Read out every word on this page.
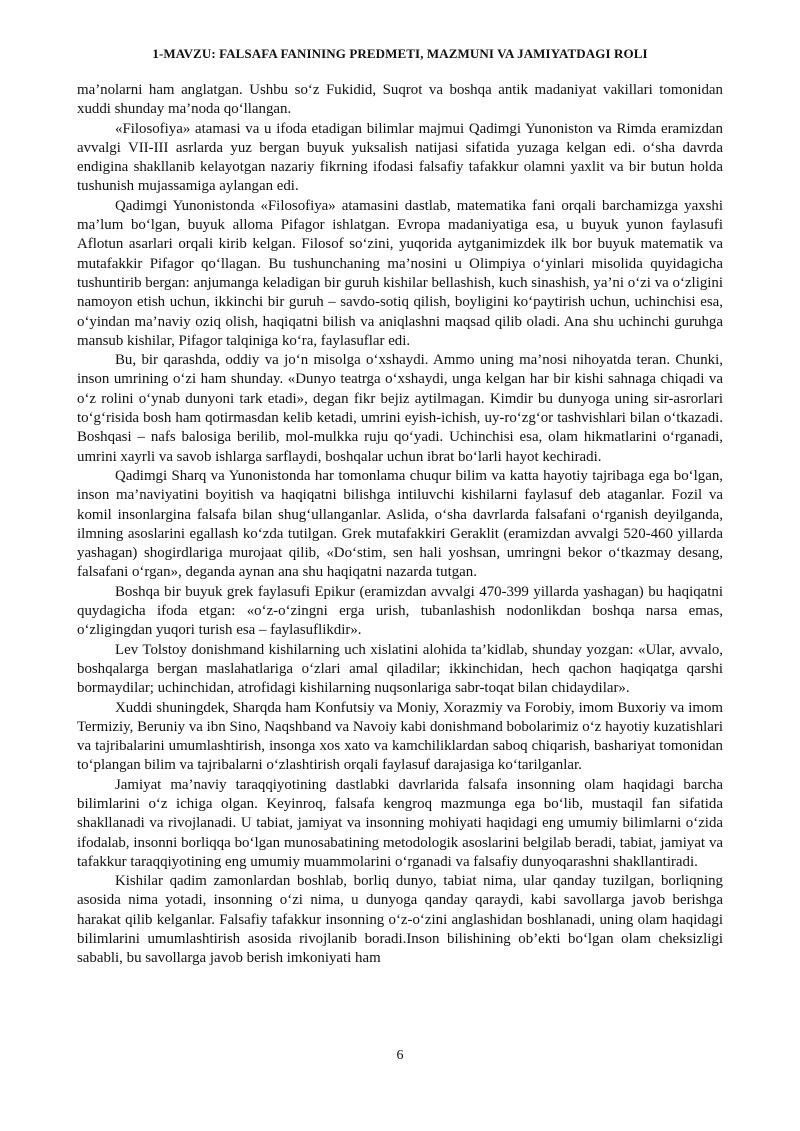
1-MAVZU: FALSAFA FANINING PREDMETI, MAZMUNI VA JAMIYATDAGI ROLI

ma’nolarni ham anglatgan. Ushbu so‘z Fukidid, Suqrot va boshqa antik madaniyat vakillari tomonidan xuddi shunday ma’noda qo‘llangan.

«Filosofiya» atamasi va u ifoda etadigan bilimlar majmui Qadimgi Yunoniston va Rimda eramizdan avvalgi VII-III asrlarda yuz bergan buyuk yuksalish natijasi sifatida yuzaga kelgan edi. o‘sha davrda endigina shakllanib kelayotgan nazariy fikrning ifodasi falsafiy tafakkur olamni yaxlit va bir butun holda tushunish mujassamiga aylangan edi.

Qadimgi Yunonistonda «Filosofiya» atamasini dastlab, matematika fani orqali barchamizga yaxshi ma’lum bo‘lgan, buyuk alloma Pifagor ishlatgan. Evropa madaniyatiga esa, u buyuk yunon faylasufi Aflotun asarlari orqali kirib kelgan. Filosof so‘zini, yuqorida aytganimizdek ilk bor buyuk matematik va mutafakkir Pifagor qo‘llagan. Bu tushunchaning ma’nosini u Olimpiya o‘yinlari misolida quyidagicha tushuntirib bergan: anjumanga keladigan bir guruh kishilar bellashish, kuch sinashish, ya’ni o‘zi va o‘zligini namoyon etish uchun, ikkinchi bir guruh – savdo-sotiq qilish, boyligini ko‘paytirish uchun, uchinchisi esa, o‘yindan ma’naviy oziq olish, haqiqatni bilish va aniqlashni maqsad qilib oladi. Ana shu uchinchi guruhga mansub kishilar, Pifagor talqiniga ko‘ra, faylasuflar edi.

Bu, bir qarashda, oddiy va jo‘n misolga o‘xshaydi. Ammo uning ma’nosi nihoyatda teran. Chunki, inson umrining o‘zi ham shunday. «Dunyo teatrga o‘xshaydi, unga kelgan har bir kishi sahnaga chiqadi va o‘z rolini o‘ynab dunyoni tark etadi», degan fikr bejiz aytilmagan. Kimdir bu dunyoga uning sir-asrorlari to‘g‘risida bosh ham qotirmasdan kelib ketadi, umrini eyish-ichish, uy-ro‘zg‘or tashvishlari bilan o‘tkazadi. Boshqasi – nafs balosiga berilib, mol-mulkka ruju qo‘yadi. Uchinchisi esa, olam hikmatlarini o‘rganadi, umrini xayrli va savob ishlarga sarflaydi, boshqalar uchun ibrat bo‘larli hayot kechiradi.

Qadimgi Sharq va Yunonistonda har tomonlama chuqur bilim va katta hayotiy tajribaga ega bo‘lgan, inson ma’naviyatini boyitish va haqiqatni bilishga intiluvchi kishilarni faylasuf deb ataganlar. Fozil va komil insonlargina falsafa bilan shug‘ullanganlar. Aslida, o‘sha davrlarda falsafani o‘rganish deyilganda, ilmning asoslarini egallash ko‘zda tutilgan. Grek mutafakkiri Geraklit (eramizdan avvalgi 520-460 yillarda yashagan) shogirdlariga murojaat qilib, «Do‘stim, sen hali yoshsan, umringni bekor o‘tkazmay desang, falsafani o‘rgan», deganda aynan ana shu haqiqatni nazarda tutgan.

Boshqa bir buyuk grek faylasufi Epikur (eramizdan avvalgi 470-399 yillarda yashagan) bu haqiqatni quydagicha ifoda etgan: «o‘z-o‘zingni erga urish, tubanlashish nodonlikdan boshqa narsa emas, o‘zligingdan yuqori turish esa – faylasuflikdir».

Lev Tolstoy donishmand kishilarning uch xislatini alohida ta’kidlab, shunday yozgan: «Ular, avvalo, boshqalarga bergan maslahatlariga o‘zlari amal qiladilar; ikkinchidan, hech qachon haqiqatga qarshi bormaydilar; uchinchidan, atrofidagi kishilarning nuqsonlariga sabr-toqat bilan chidaydilar».

Xuddi shuningdek, Sharqda ham Konfutsiy va Moniy, Xorazmiy va Forobiy, imom Buxoriy va imom Termiziy, Beruniy va ibn Sino, Naqshband va Navoiy kabi donishmand bobolarimiz o‘z hayotiy kuzatishlari va tajribalarini umumlashtirish, insonga xos xato va kamchiliklardan saboq chiqarish, bashariyat tomonidan to‘plangan bilim va tajribalarni o‘zlashtirish orqali faylasuf darajasiga ko‘tarilganlar.

Jamiyat ma’naviy taraqqiyotining dastlabki davrlarida falsafa insonning olam haqidagi barcha bilimlarini o‘z ichiga olgan. Keyinroq, falsafa kengroq mazmunga ega bo‘lib, mustaqil fan sifatida shakllanadi va rivojlanadi. U tabiat, jamiyat va insonning mohiyati haqidagi eng umumiy bilimlarni o‘zida ifodalab, insonni borliqqa bo‘lgan munosabatining metodologik asoslarini belgilab beradi, tabiat, jamiyat va tafakkur taraqqiyotining eng umumiy muammolarini o‘rganadi va falsafiy dunyoqarashni shakllantiradi.

Kishilar qadim zamonlardan boshlab, borliq dunyo, tabiat nima, ular qanday tuzilgan, borliqning asosida nima yotadi, insonning o‘zi nima, u dunyoga qanday qaraydi, kabi savollarga javob berishga harakat qilib kelganlar. Falsafiy tafakkur insonning o‘z-o‘zini anglashidan boshlanadi, uning olam haqidagi bilimlarini umumlashtirish asosida rivojlanib boradi.Inson bilishining ob’ekti bo‘lgan olam cheksizligi sababli, bu savollarga javob berish imkoniyati ham

6
